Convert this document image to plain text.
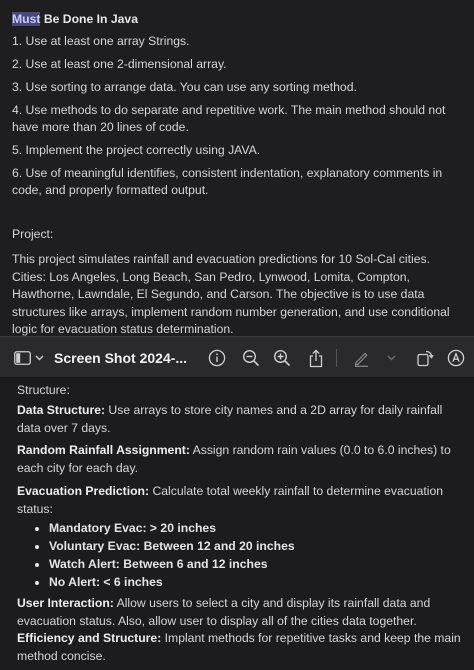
Must Be Done In Java

1. Use at least one array Strings.
2. Use at least one 2-dimensional array.
3. Use sorting to arrange data. You can use any sorting method.
4. Use methods to do separate and repetitive work. The main method should not have more than 20 lines of code.
5. Implement the project correctly using JAVA.
6. Use of meaningful identifies, consistent indentation, explanatory comments in code, and properly formatted output.

Project:

This project simulates rainfall and evacuation predictions for 10 Sol-Cal cities. Cities: Los Angeles, Long Beach, San Pedro, Lynwood, Lomita, Compton, Hawthorne, Lawndale, El Segundo, and Carson. The objective is to use data structures like arrays, implement random number generation, and use conditional logic for evacuation status determination.

Screen Shot 2024-...

Structure:

Data Structure: Use arrays to store city names and a 2D array for daily rainfall data over 7 days.

Random Rainfall Assignment: Assign random rain values (0.0 to 6.0 inches) to each city for each day.

Evacuation Prediction: Calculate total weekly rainfall to determine evacuation status:

• Mandatory Evac: > 20 inches
• Voluntary Evac: Between 12 and 20 inches
• Watch Alert: Between 6 and 12 inches
• No Alert: < 6 inches

User Interaction: Allow users to select a city and display its rainfall data and evacuation status. Also, allow user to display all of the cities data together.

Efficiency and Structure: Implant methods for repetitive tasks and keep the main method concise.
